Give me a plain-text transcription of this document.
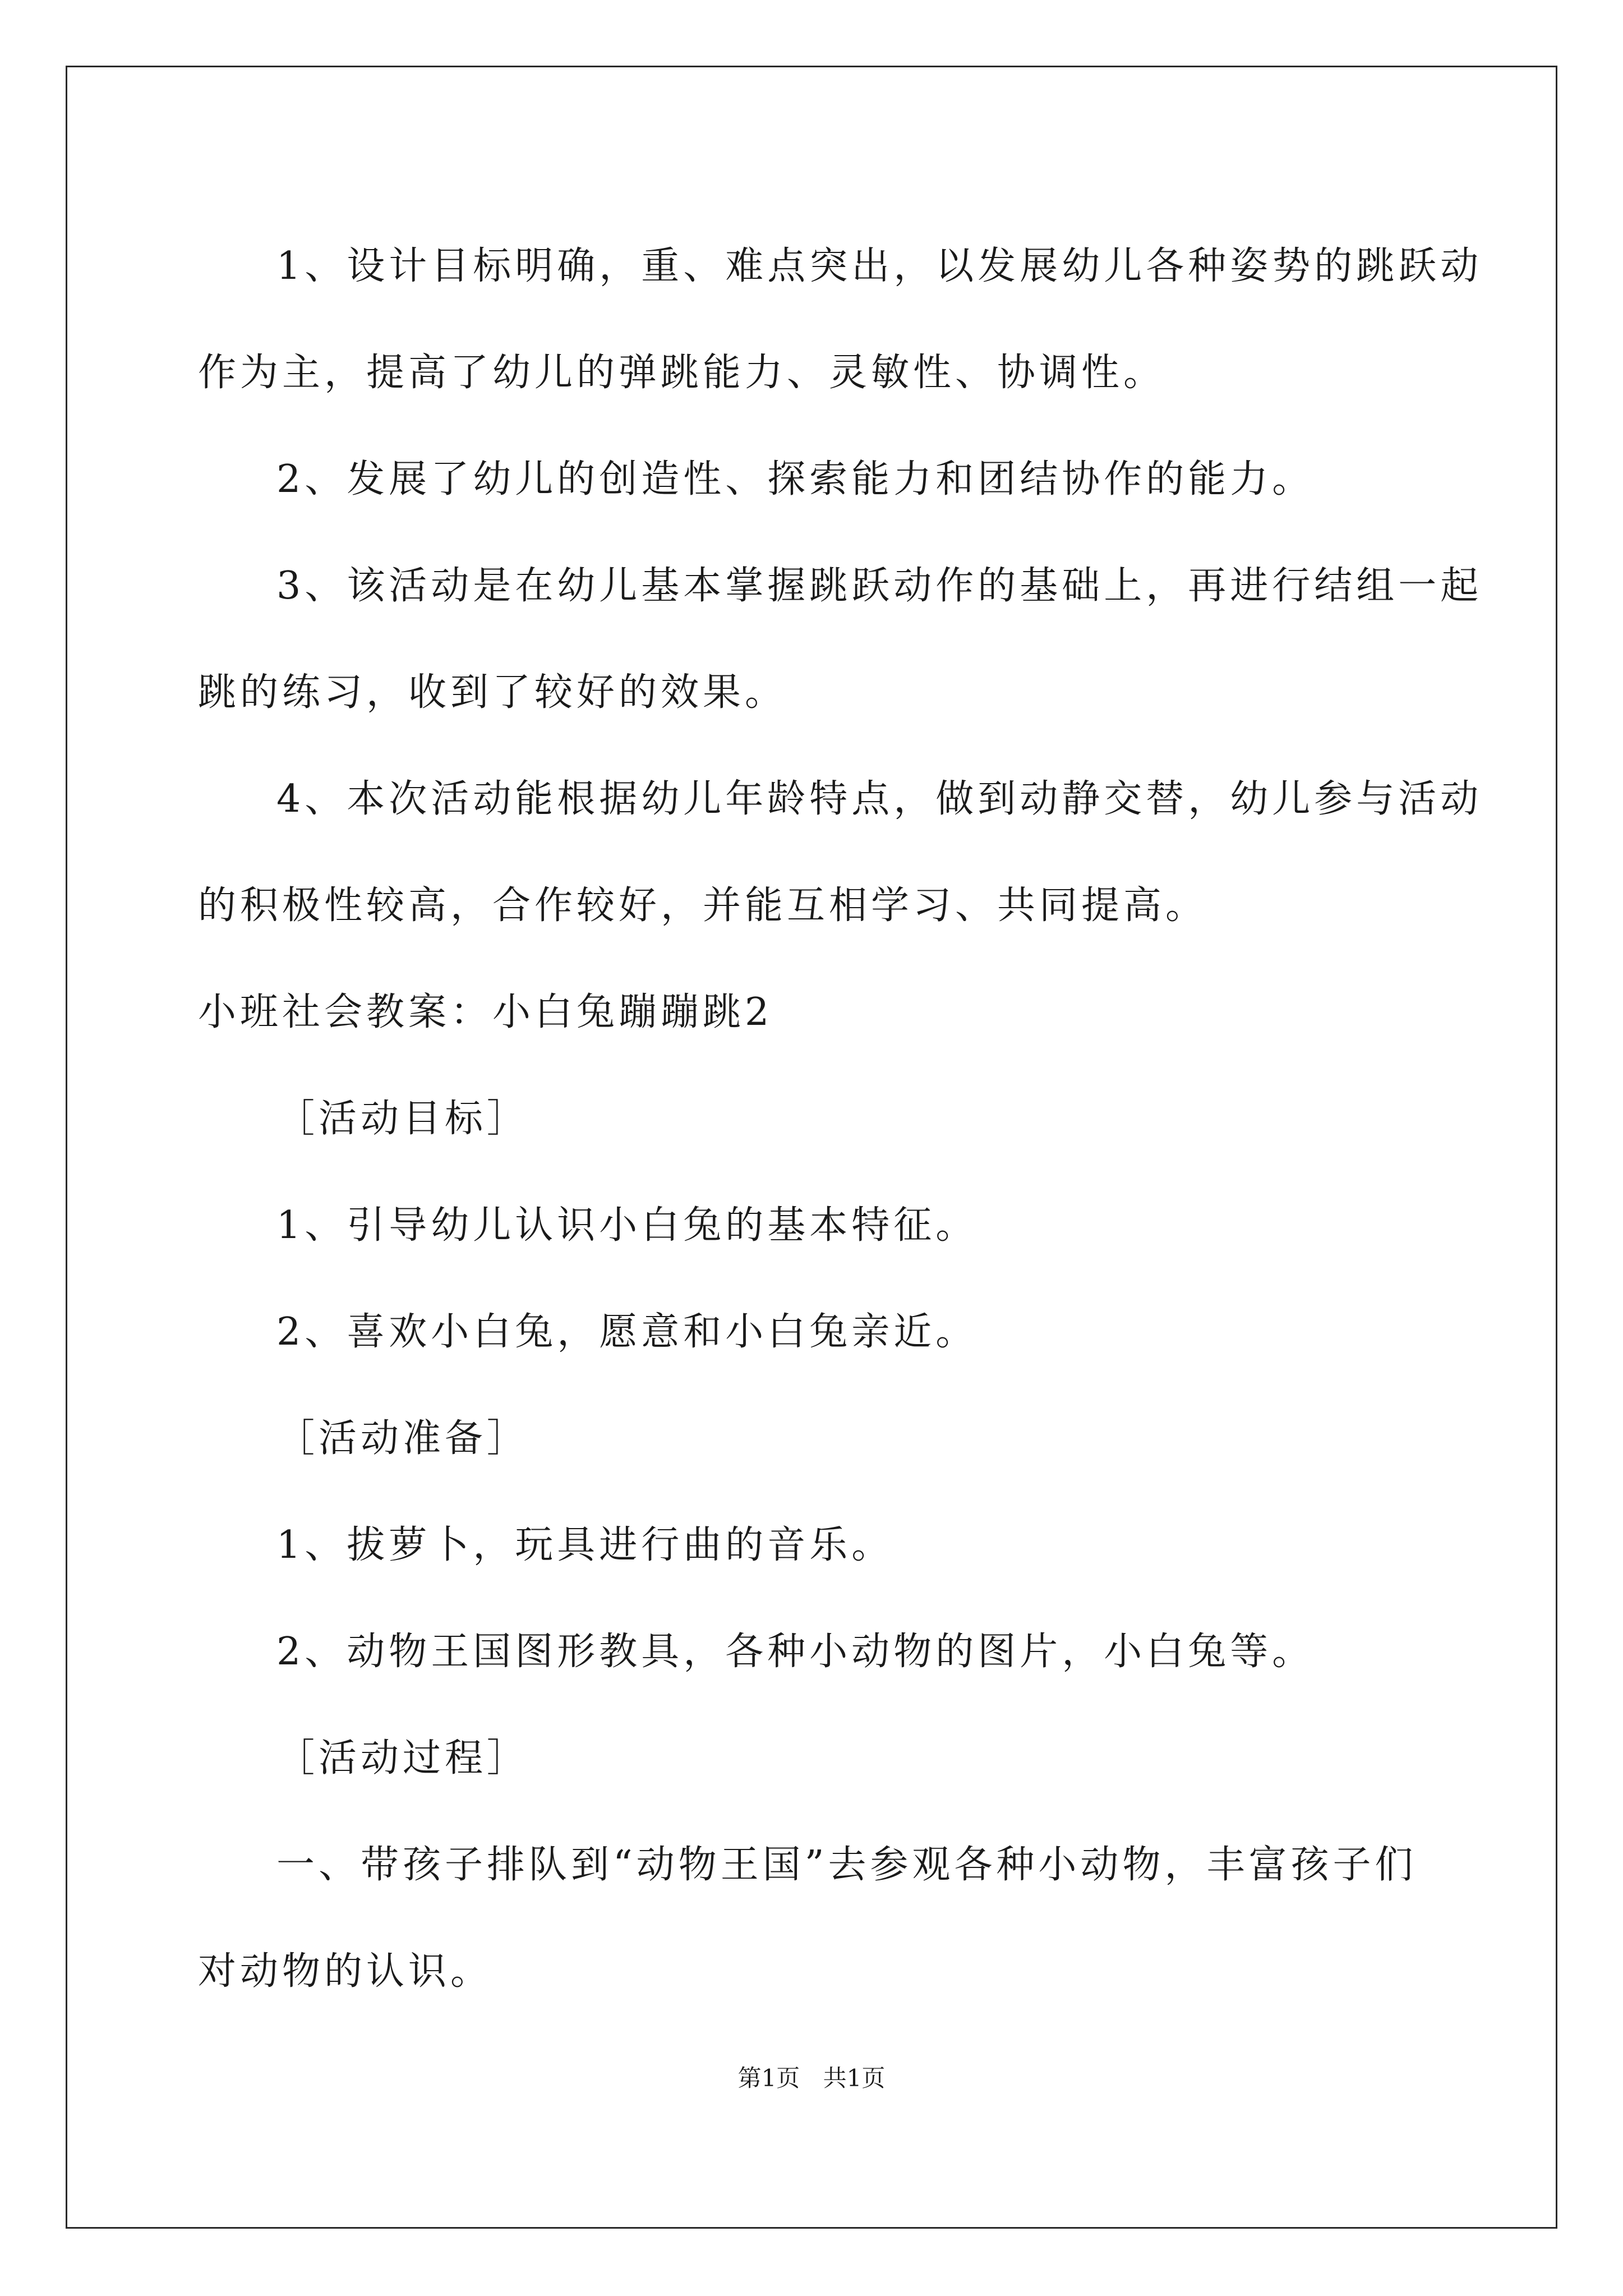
1、设计目标明确，重、难点突出，以发展幼儿各种姿势的跳跃动

作为主，提高了幼儿的弹跳能力、灵敏性、协调性。

2、发展了幼儿的创造性、探索能力和团结协作的能力。

3、该活动是在幼儿基本掌握跳跃动作的基础上，再进行结组一起

跳的练习，收到了较好的效果。

4、本次活动能根据幼儿年龄特点，做到动静交替，幼儿参与活动

的积极性较高，合作较好，并能互相学习、共同提高。

小班社会教案：小白兔蹦蹦跳2

［活动目标］

1、引导幼儿认识小白兔的基本特征。

2、喜欢小白兔，愿意和小白兔亲近。

［活动准备］

1、拔萝卜，玩具进行曲的音乐。

2、动物王国图形教具，各种小动物的图片，小白兔等。

［活动过程］

一、带孩子排队到“动物王国”去参观各种小动物，丰富孩子们

对动物的认识。

第1页 共1页
